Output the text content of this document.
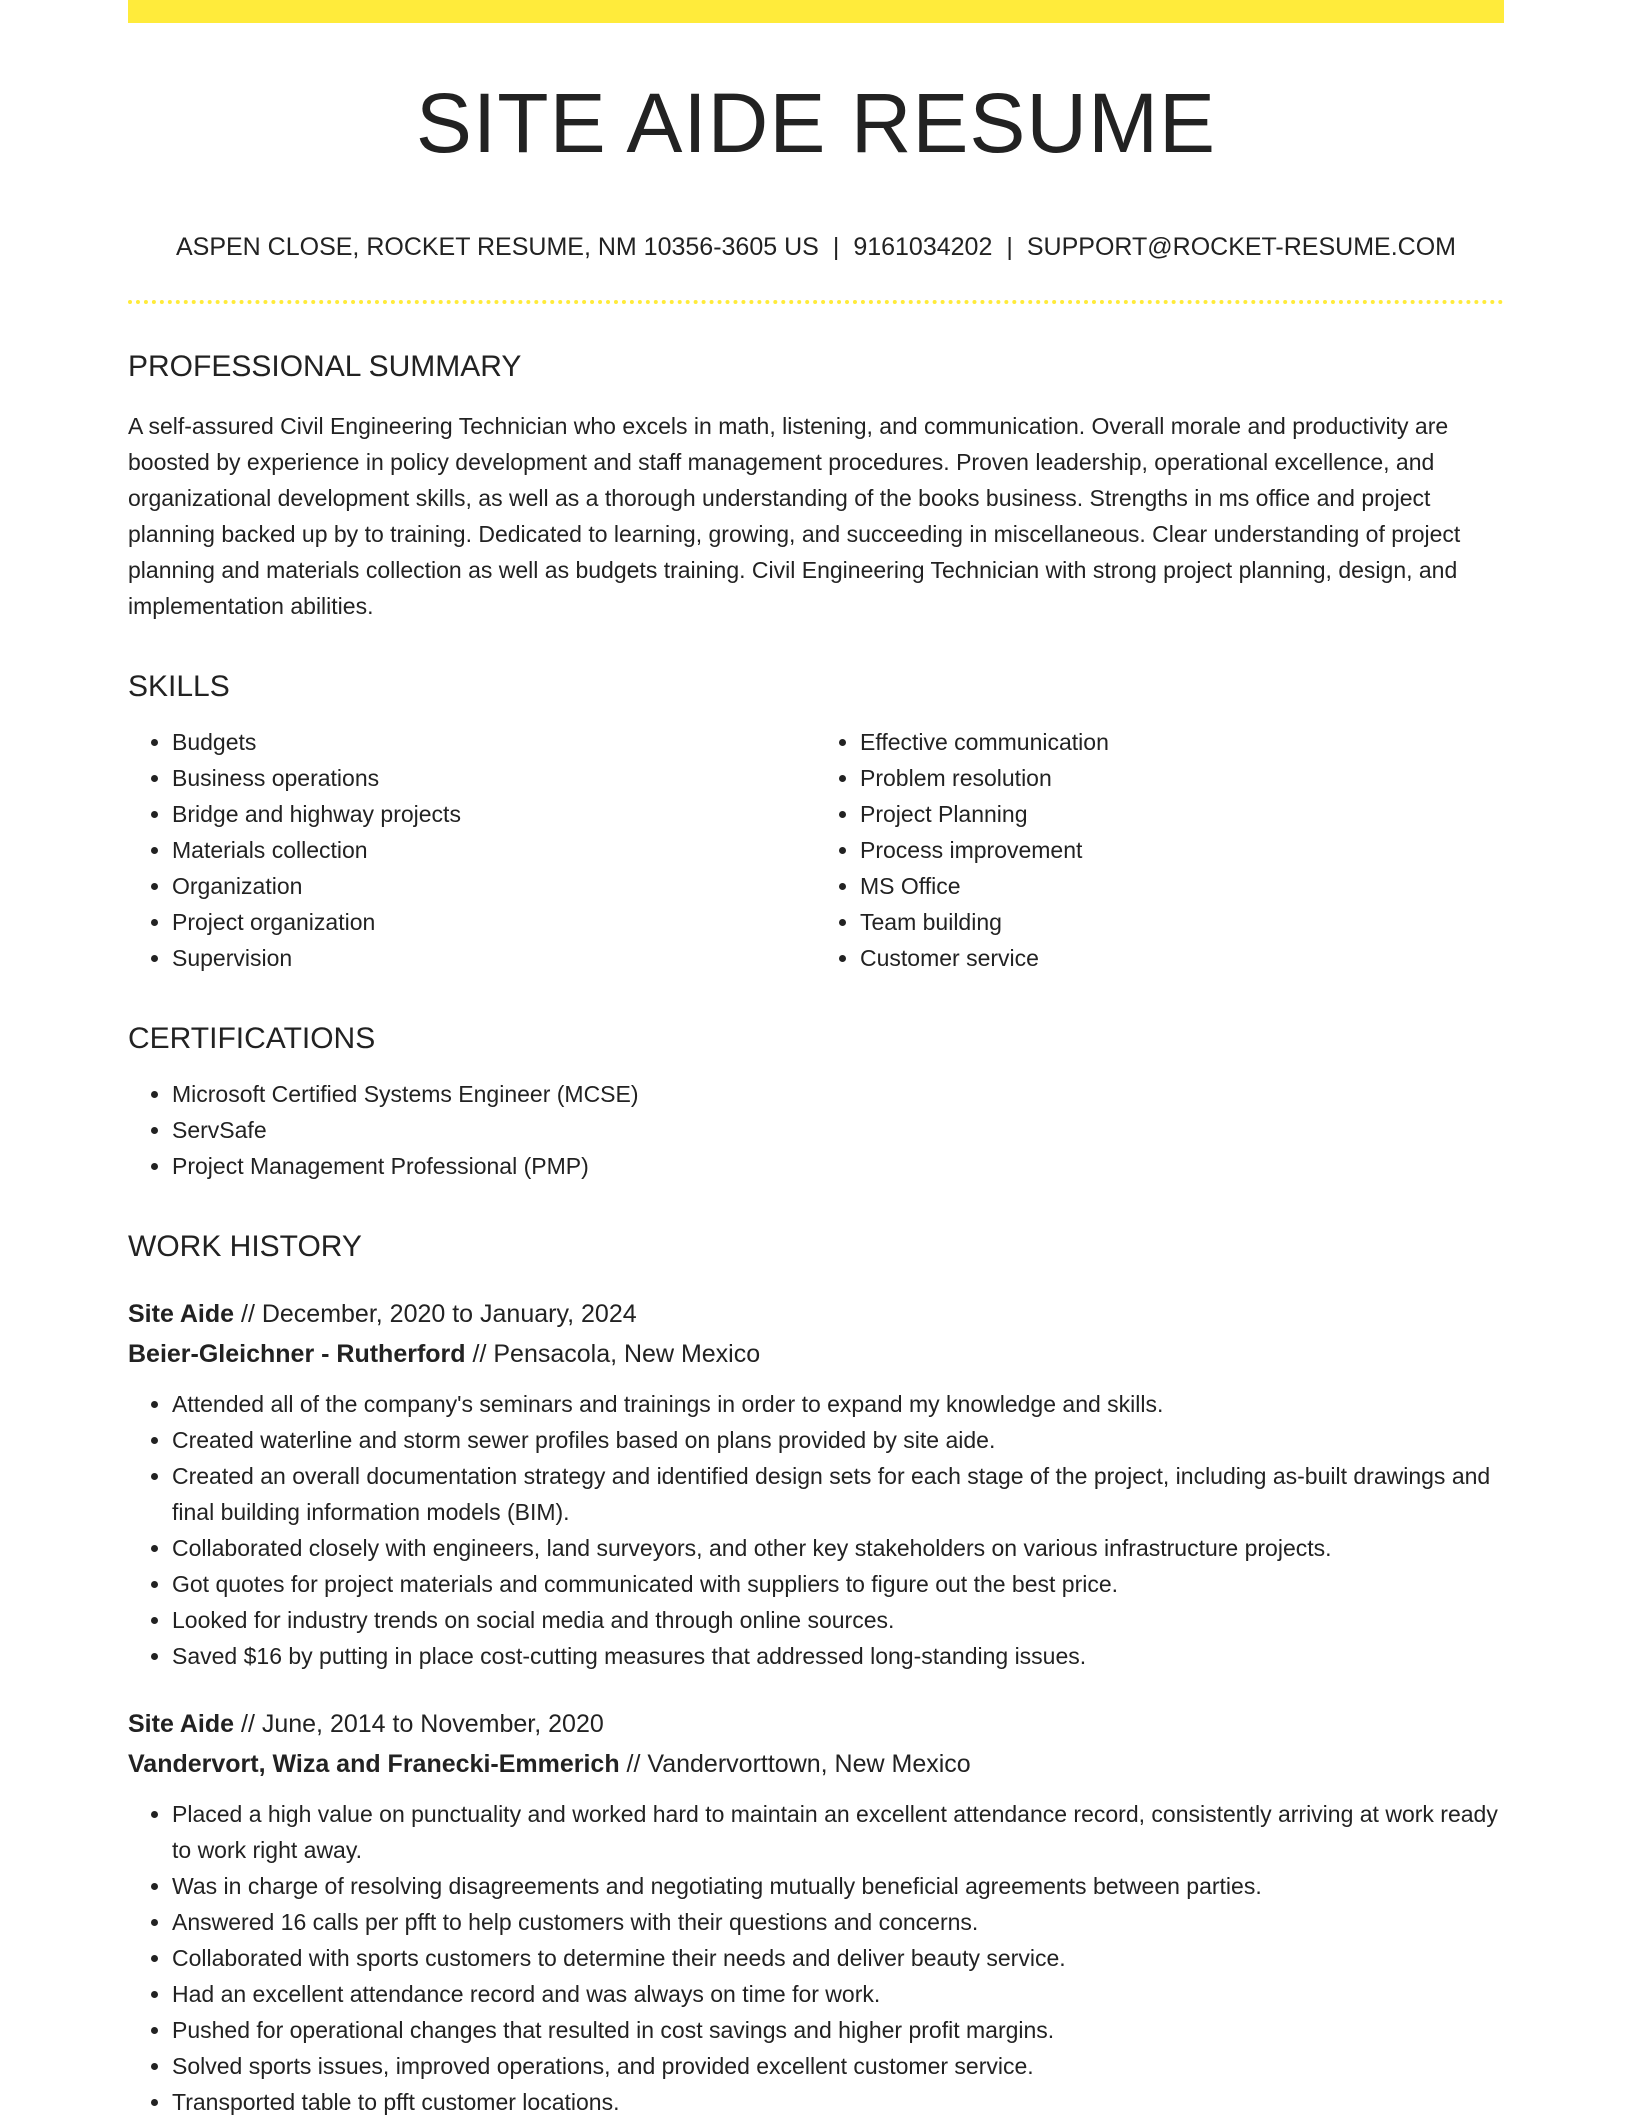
SITE AIDE RESUME
ASPEN CLOSE, ROCKET RESUME, NM 10356-3605 US | 9161034202 | SUPPORT@ROCKET-RESUME.COM
PROFESSIONAL SUMMARY
A self-assured Civil Engineering Technician who excels in math, listening, and communication. Overall morale and productivity are boosted by experience in policy development and staff management procedures. Proven leadership, operational excellence, and organizational development skills, as well as a thorough understanding of the books business. Strengths in ms office and project planning backed up by to training. Dedicated to learning, growing, and succeeding in miscellaneous. Clear understanding of project planning and materials collection as well as budgets training. Civil Engineering Technician with strong project planning, design, and implementation abilities.
SKILLS
• Budgets
• Business operations
• Bridge and highway projects
• Materials collection
• Organization
• Project organization
• Supervision
• Effective communication
• Problem resolution
• Project Planning
• Process improvement
• MS Office
• Team building
• Customer service
CERTIFICATIONS
• Microsoft Certified Systems Engineer (MCSE)
• ServSafe
• Project Management Professional (PMP)
WORK HISTORY
Site Aide // December, 2020 to January, 2024
Beier-Gleichner - Rutherford // Pensacola, New Mexico
• Attended all of the company's seminars and trainings in order to expand my knowledge and skills.
• Created waterline and storm sewer profiles based on plans provided by site aide.
• Created an overall documentation strategy and identified design sets for each stage of the project, including as-built drawings and final building information models (BIM).
• Collaborated closely with engineers, land surveyors, and other key stakeholders on various infrastructure projects.
• Got quotes for project materials and communicated with suppliers to figure out the best price.
• Looked for industry trends on social media and through online sources.
• Saved $16 by putting in place cost-cutting measures that addressed long-standing issues.
Site Aide // June, 2014 to November, 2020
Vandervort, Wiza and Franecki-Emmerich // Vandervorttown, New Mexico
• Placed a high value on punctuality and worked hard to maintain an excellent attendance record, consistently arriving at work ready to work right away.
• Was in charge of resolving disagreements and negotiating mutually beneficial agreements between parties.
• Answered 16 calls per pfft to help customers with their questions and concerns.
• Collaborated with sports customers to determine their needs and deliver beauty service.
• Had an excellent attendance record and was always on time for work.
• Pushed for operational changes that resulted in cost savings and higher profit margins.
• Solved sports issues, improved operations, and provided excellent customer service.
• Transported table to pfft customer locations.
